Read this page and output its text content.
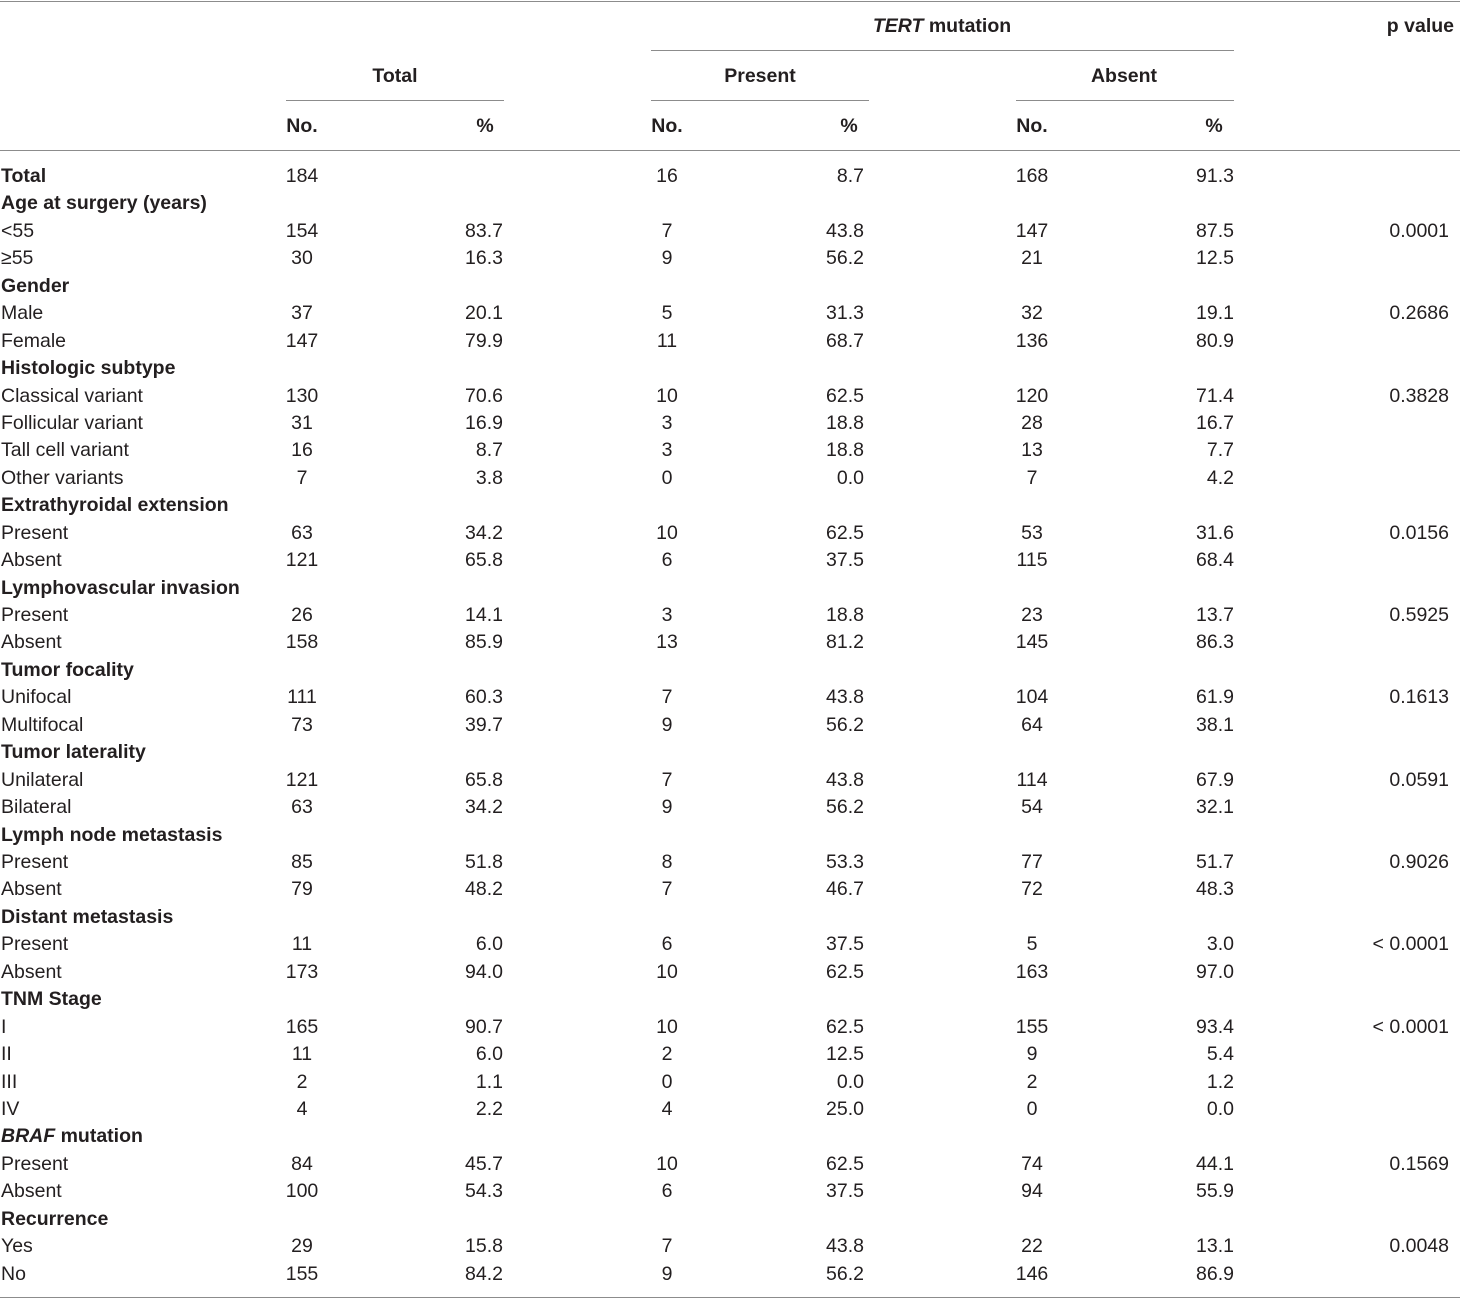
TERT mutation	p value
Total	Present	Absent
No.	%	No.	%	No.	%
Total	184	16	8.7	168	91.3
Age at surgery (years)
<55	154	83.7	7	43.8	147	87.5	0.0001
≥55	30	16.3	9	56.2	21	12.5
Gender
Male	37	20.1	5	31.3	32	19.1	0.2686
Female	147	79.9	11	68.7	136	80.9
Histologic subtype
Classical variant	130	70.6	10	62.5	120	71.4	0.3828
Follicular variant	31	16.9	3	18.8	28	16.7
Tall cell variant	16	8.7	3	18.8	13	7.7
Other variants	7	3.8	0	0.0	7	4.2
Extrathyroidal extension
Present	63	34.2	10	62.5	53	31.6	0.0156
Absent	121	65.8	6	37.5	115	68.4
Lymphovascular invasion
Present	26	14.1	3	18.8	23	13.7	0.5925
Absent	158	85.9	13	81.2	145	86.3
Tumor focality
Unifocal	111	60.3	7	43.8	104	61.9	0.1613
Multifocal	73	39.7	9	56.2	64	38.1
Tumor laterality
Unilateral	121	65.8	7	43.8	114	67.9	0.0591
Bilateral	63	34.2	9	56.2	54	32.1
Lymph node metastasis
Present	85	51.8	8	53.3	77	51.7	0.9026
Absent	79	48.2	7	46.7	72	48.3
Distant metastasis
Present	11	6.0	6	37.5	5	3.0	< 0.0001
Absent	173	94.0	10	62.5	163	97.0
TNM Stage
I	165	90.7	10	62.5	155	93.4	< 0.0001
II	11	6.0	2	12.5	9	5.4
III	2	1.1	0	0.0	2	1.2
IV	4	2.2	4	25.0	0	0.0
BRAF mutation
Present	84	45.7	10	62.5	74	44.1	0.1569
Absent	100	54.3	6	37.5	94	55.9
Recurrence
Yes	29	15.8	7	43.8	22	13.1	0.0048
No	155	84.2	9	56.2	146	86.9
